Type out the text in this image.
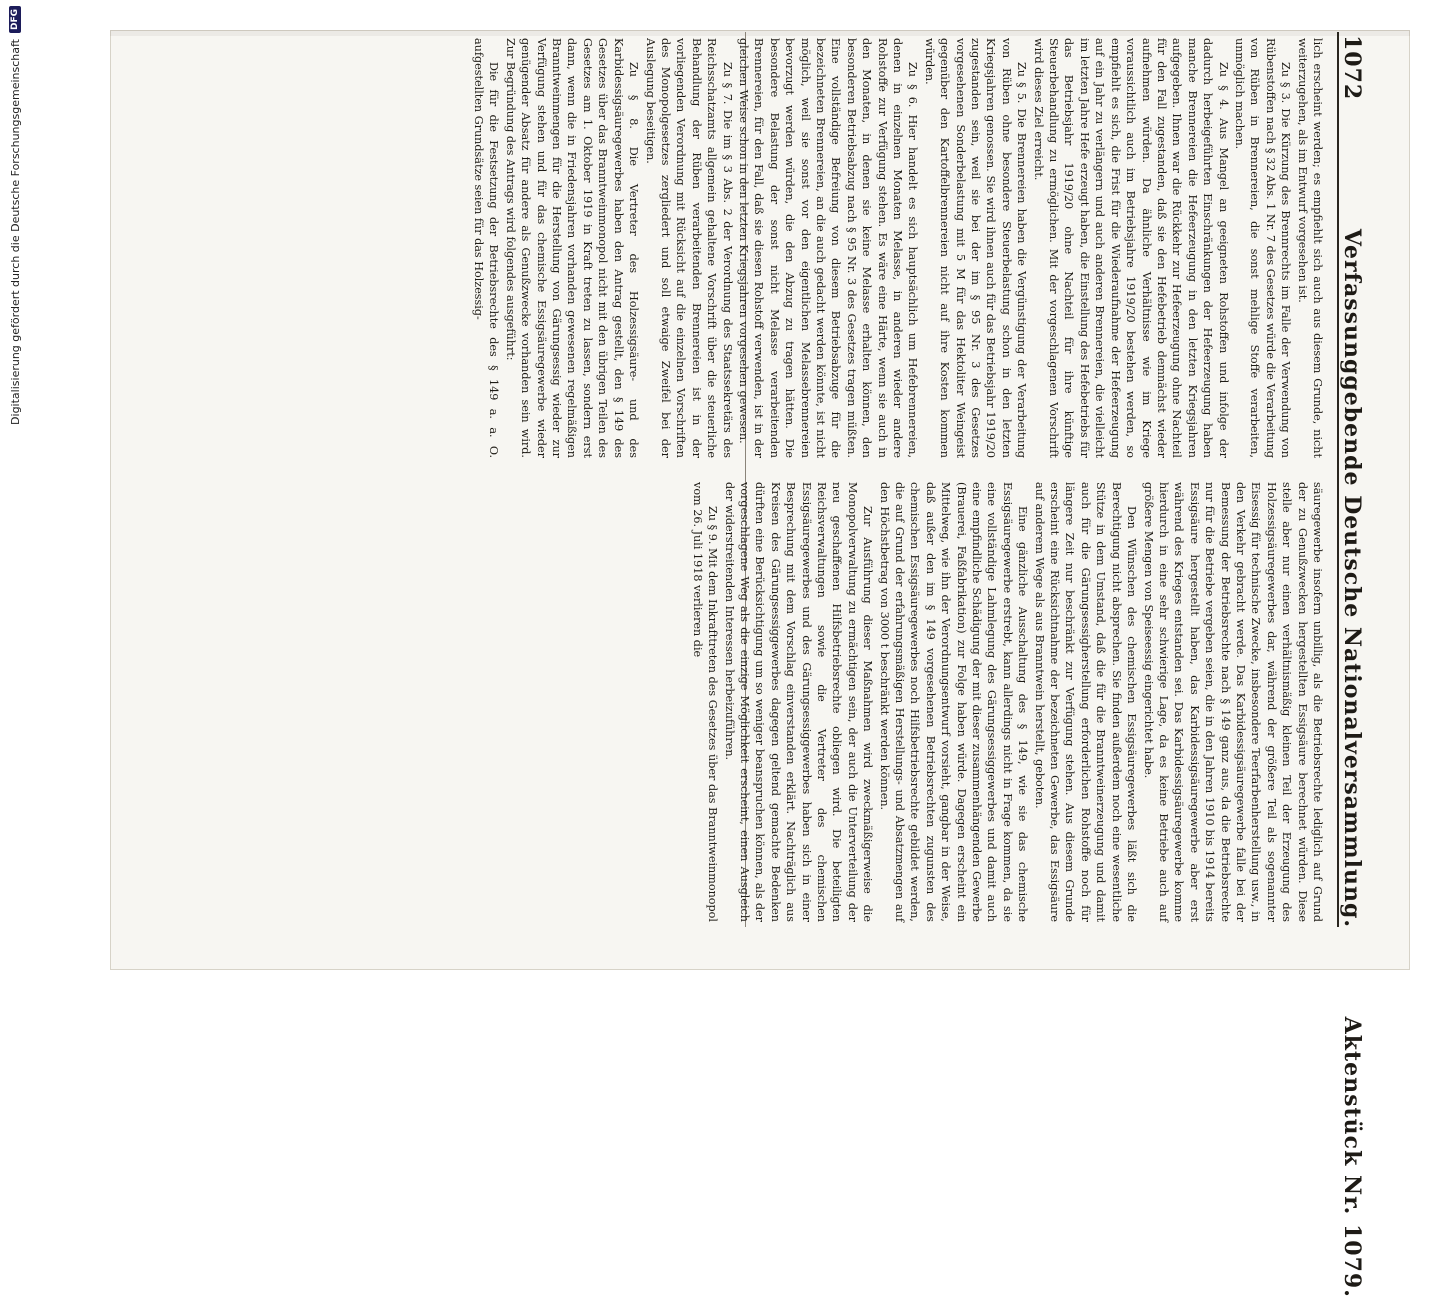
1072 Verfassunggebende Deutsche Nationalversammlung. Aktenstück Nr. 1079.

lich erscheint werden; es empfiehlt sich auch aus diesem Grunde, nicht weiterzugehen, als im Entwurf vorgesehen ist.

Zu § 3. Die Kürzung des Brennrechts im Falle der Verwendung von Rübenstoffen nach § 32 Abs. 1 Nr. 7 des Gesetzes würde die Verarbeitung von Rüben in Brennereien, die sonst mehlige Stoffe verarbeiten, unmöglich machen.

Zu § 4. Aus Mangel an geeigneten Rohstoffen und infolge der dadurch herbeigeführten Einschränkungen der Hefeerzeugung haben manche Brennereien die Hefeerzeugung in den letzten Kriegsjahren aufgegeben. Ihnen war die Rückkehr zur Hefeerzeugung ohne Nachteil für den Fall zugestanden, daß sie den Hefebetrieb demnächst wieder aufnehmen würden. Da ähnliche Verhältnisse wie im Kriege voraussichtlich auch im Betriebsjahre 1919/20 bestehen werden, so empfiehlt es sich, die Frist für die Wiederaufnahme der Hefeerzeugung auf ein Jahr zu verlängern und auch anderen Brennereien, die vielleicht im letzten Jahre Hefe erzeugt haben, die Einstellung des Hefebetriebs für das Betriebsjahr 1919/20 ohne Nachteil für ihre künftige Steuerbehandlung zu ermöglichen. Mit der vorgeschlagenen Vorschrift wird dieses Ziel erreicht.

Zu § 5. Die Brennereien haben die Vergünstigung der Verarbeitung von Rüben ohne besondere Steuerbelastung schon in den letzten Kriegsjahren genossen. Sie wird ihnen auch für das Betriebsjahr 1919/20 zugestanden sein, weil sie bei der im § 95 Nr. 3 des Gesetzes vorgesehenen Sonderbelastung mit 5 M für das Hektoliter Weingeist gegenüber den Kartoffelbrennereien nicht auf ihre Kosten kommen würden.

Zu § 6. Hier handelt es sich hauptsächlich um Hefebrennereien, denen in einzelnen Monaten Melasse, in anderen wieder andere Rohstoffe zur Verfügung stehen. Es wäre eine Härte, wenn sie auch in den Monaten, in denen sie keine Melasse erhalten können, den besonderen Betriebsabzug nach § 95 Nr. 3 des Gesetzes tragen müßten. Eine vollständige Befreiung von diesem Betriebsabzuge für die bezeichneten Brennereien, an die auch gedacht werden könnte, ist nicht möglich, weil sie sonst vor den eigentlichen Melassebrennereien bevorzugt werden würden, die den Abzug zu tragen hätten. Die besondere Belastung der sonst nicht Melasse verarbeitenden Brennereien, für den Fall, daß sie diesen Rohstoff verwenden, ist in der gleichen Weise schon in den letzten Kriegsjahren vorgesehen gewesen.

Zu § 7. Die im § 3 Abs. 2 der Verordnung des Staatssekretärs des Reichsschatzamts allgemein gehaltene Vorschrift über die steuerliche Behandlung der Rüben verarbeitenden Brennereien ist in der vorliegenden Verordnung mit Rücksicht auf die einzelnen Vorschriften des Monopolgesetzes zergliedert und soll etwaige Zweifel bei der Auslegung beseitigen.

Zu § 8. Die Vertreter des Holzessigsäure- und des Karbidessigsäuregewerbes haben den Antrag gestellt, den § 149 des Gesetzes über das Branntweinmonopol nicht mit den übrigen Teilen des Gesetzes am 1. Oktober 1919 in Kraft treten zu lassen, sondern erst dann, wenn die in Friedensjahren vorhanden gewesenen regelmäßigen Branntweinmengen für die Herstellung von Gärungsessig wieder zur Verfügung stehen und für das chemische Essigsäuregewerbe wieder genügender Absatz für andere als Genußzwecke vorhanden sein wird. Zur Begründung des Antrags wird folgendes ausgeführt:

Die für die Festsetzung der Betriebsrechte des § 149 a. a. O. aufgestellten Grundsätze seien für das Holzessig-

säuregewerbe insofern unbillig, als die Betriebsrechte lediglich auf Grund der zu Genußzwecken hergestellten Essigsäure berechnet würden. Diese stelle aber nur einen verhältnismäßig kleinen Teil der Erzeugung des Holzessigsäuregewerbes dar, während der größere Teil als sogenannter Eisessig für technische Zwecke, insbesondere Teerfarbenherstellung usw., in den Verkehr gebracht werde. Das Karbidessigsäuregewerbe falle bei der Bemessung der Betriebsrechte nach § 149 ganz aus, da die Betriebsrechte nur für die Betriebe vergeben seien, die in den Jahren 1910 bis 1914 bereits Essigsäure hergestellt haben, das Karbidessigsäuregewerbe aber erst während des Krieges entstanden sei. Das Karbidessigsäuregewerbe komme hierdurch in eine sehr schwierige Lage, da es keine Betriebe auch auf größere Mengen von Speiseessig eingerichtet habe.

Den Wünschen des chemischen Essigsäuregewerbes läßt sich die Berechtigung nicht absprechen. Sie finden außerdem noch eine wesentliche Stütze in dem Umstand, daß die für die Branntweinerzeugung und damit auch für die Gärungsessigherstellung erforderlichen Rohstoffe noch für längere Zeit nur beschränkt zur Verfügung stehen. Aus diesem Grunde erscheint eine Rücksichtnahme der bezeichneten Gewerbe, das Essigsäure auf anderem Wege als aus Branntwein herstellt, geboten.

Eine gänzliche Ausschaltung des § 149, wie sie das chemische Essigsäuregewerbe erstrebt, kann allerdings nicht in Frage kommen, da sie eine vollständige Lahmlegung des Gärungsessiggewerbes und damit auch eine empfindliche Schädigung der mit dieser zusammenhängenden Gewerbe (Brauerei, Faßfabrikation) zur Folge haben würde. Dagegen erscheint ein Mittelweg, wie ihn der Verordnungsentwurf vorsieht, gangbar in der Weise, daß außer den im § 149 vorgesehenen Betriebsrechten zugunsten des chemischen Essigsäuregewerbes noch Hilfsbetriebsrechte gebildet werden, die auf Grund der erfahrungsmäßigen Herstellungs- und Absatzmengen auf den Höchstbetrag von 3000 t beschränkt werden können.

Zur Ausführung dieser Maßnahmen wird zweckmäßigerweise die Monopolverwaltung zu ermächtigen sein, der auch die Unterverteilung der neu geschaffenen Hilfsbetriebsrechte obliegen wird. Die beteiligten Reichsverwaltungen sowie die Vertreter des chemischen Essigsäuregewerbes und des Gärungsessiggewerbes haben sich in einer Besprechung mit dem Vorschlag einverstanden erklärt. Nachträglich aus Kreisen des Gärungsessiggewerbes dagegen geltend gemachte Bedenken dürften eine Berücksichtigung um so weniger beanspruchen können, als der vorgeschlagene Weg als die einzige Möglichkeit erscheint, einen Ausgleich der widerstreitenden Interessen herbeizuführen.

Zu § 9. Mit dem Inkrafttreten des Gesetzes über das Branntweinmonopol vom 26. Juli 1918 verlieren die

Digitalisierung gefördert durch die Deutsche Forschungsgemeinschaft
DFG
